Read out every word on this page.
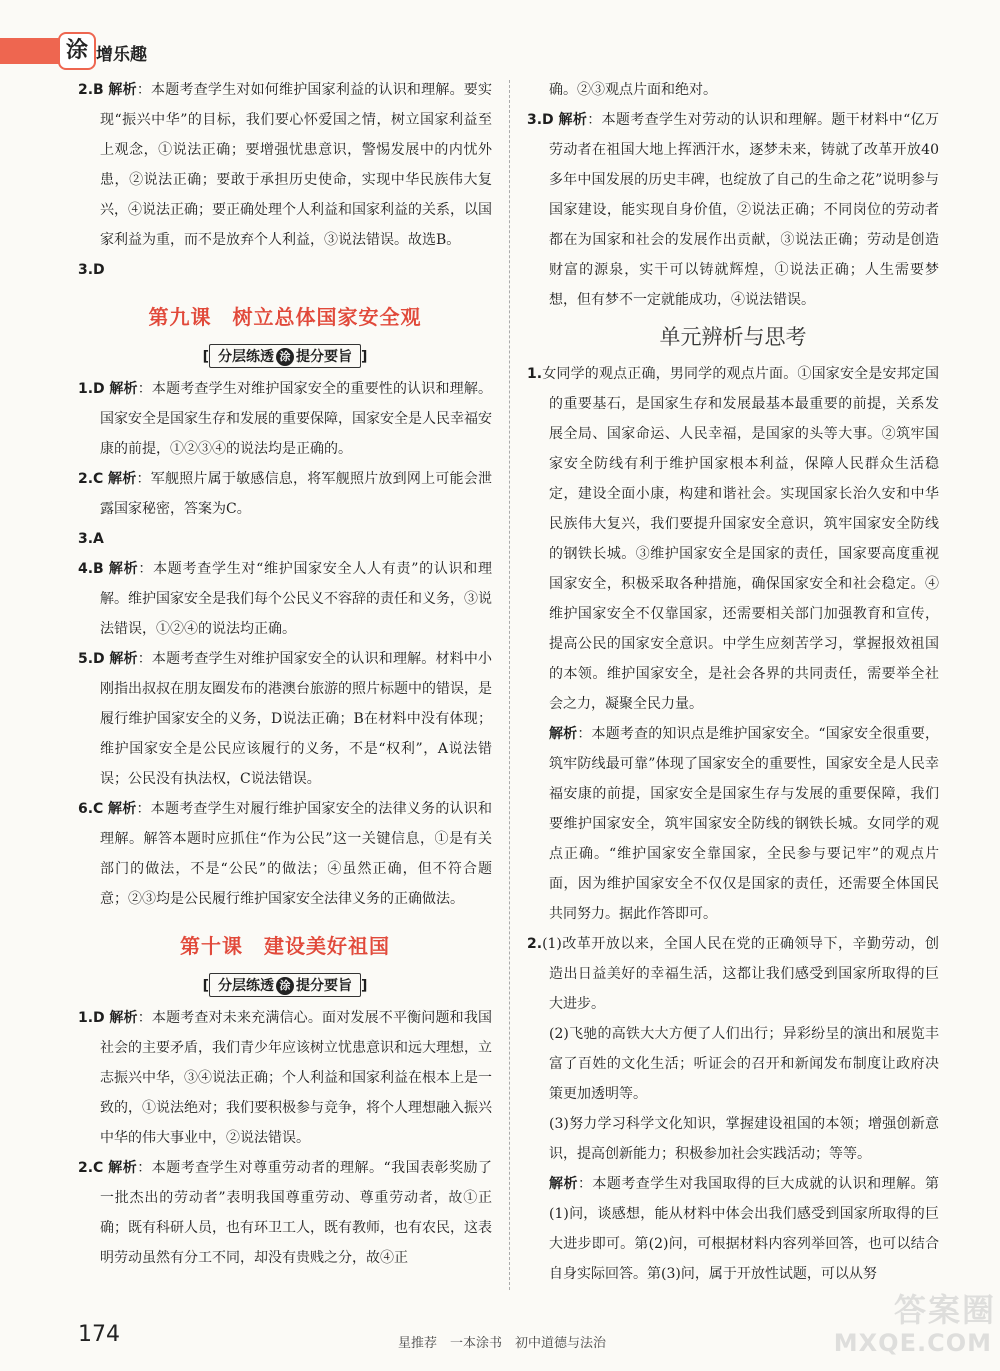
涂 增乐趣

2.B 解析：本题考查学生对如何维护国家利益的认识和理解。要实现“振兴中华”的目标，我们要心怀爱国之情，树立国家利益至上观念，①说法正确；要增强忧患意识，警惕发展中的内忧外患，②说法正确；要敢于承担历史使命，实现中华民族伟大复兴，④说法正确；要正确处理个人利益和国家利益的关系，以国家利益为重，而不是放弃个人利益，③说法错误。故选B。

3.D

第九课　树立总体国家安全观
[ 分层练透 涂 提分要旨 ]

1.D 解析：本题考查学生对维护国家安全的重要性的认识和理解。国家安全是国家生存和发展的重要保障，国家安全是人民幸福安康的前提，①②③④的说法均是正确的。

2.C 解析：军舰照片属于敏感信息，将军舰照片放到网上可能会泄露国家秘密，答案为C。

3.A

4.B 解析：本题考查学生对“维护国家安全人人有责”的认识和理解。维护国家安全是我们每个公民义不容辞的责任和义务，③说法错误，①②④的说法均正确。

5.D 解析：本题考查学生对维护国家安全的认识和理解。材料中小刚指出叔叔在朋友圈发布的港澳台旅游的照片标题中的错误，是履行维护国家安全的义务，D说法正确；B在材料中没有体现；维护国家安全是公民应该履行的义务，不是“权利”，A说法错误；公民没有执法权，C说法错误。

6.C 解析：本题考查学生对履行维护国家安全的法律义务的认识和理解。解答本题时应抓住“作为公民”这一关键信息，①是有关部门的做法，不是“公民”的做法；④虽然正确，但不符合题意；②③均是公民履行维护国家安全法律义务的正确做法。

第十课　建设美好祖国
[ 分层练透 涂 提分要旨 ]

1.D 解析：本题考查对未来充满信心。面对发展不平衡问题和我国社会的主要矛盾，我们青少年应该树立忧患意识和远大理想，立志振兴中华，③④说法正确；个人利益和国家利益在根本上是一致的，①说法绝对；我们要积极参与竞争，将个人理想融入振兴中华的伟大事业中，②说法错误。

2.C 解析：本题考查学生对尊重劳动者的理解。“我国表彰奖励了一批杰出的劳动者”表明我国尊重劳动、尊重劳动者，故①正确；既有科研人员，也有环卫工人，既有教师，也有农民，这表明劳动虽然有分工不同，却没有贵贱之分，故④正

确。②③观点片面和绝对。

3.D 解析：本题考查学生对劳动的认识和理解。题干材料中“亿万劳动者在祖国大地上挥洒汗水，逐梦未来，铸就了改革开放40多年中国发展的历史丰碑，也绽放了自己的生命之花”说明参与国家建设，能实现自身价值，②说法正确；不同岗位的劳动者都在为国家和社会的发展作出贡献，③说法正确；劳动是创造财富的源泉，实干可以铸就辉煌，①说法正确；人生需要梦想，但有梦不一定就能成功，④说法错误。

单元辨析与思考

1.女同学的观点正确，男同学的观点片面。①国家安全是安邦定国的重要基石，是国家生存和发展最基本最重要的前提，关系发展全局、国家命运、人民幸福，是国家的头等大事。②筑牢国家安全防线有利于维护国家根本利益，保障人民群众生活稳定，建设全面小康，构建和谐社会。实现国家长治久安和中华民族伟大复兴，我们要提升国家安全意识，筑牢国家安全防线的钢铁长城。③维护国家安全是国家的责任，国家要高度重视国家安全，积极采取各种措施，确保国家安全和社会稳定。④维护国家安全不仅靠国家，还需要相关部门加强教育和宣传，提高公民的国家安全意识。中学生应刻苦学习，掌握报效祖国的本领。维护国家安全，是社会各界的共同责任，需要举全社会之力，凝聚全民力量。

解析：本题考查的知识点是维护国家安全。“国家安全很重要，筑牢防线最可靠”体现了国家安全的重要性，国家安全是人民幸福安康的前提，国家安全是国家生存与发展的重要保障，我们要维护国家安全，筑牢国家安全防线的钢铁长城。女同学的观点正确。“维护国家安全靠国家，全民参与要记牢”的观点片面，因为维护国家安全不仅仅是国家的责任，还需要全体国民共同努力。据此作答即可。

2.(1)改革开放以来，全国人民在党的正确领导下，辛勤劳动，创造出日益美好的幸福生活，这都让我们感受到国家所取得的巨大进步。

(2)飞驰的高铁大大方便了人们出行；异彩纷呈的演出和展览丰富了百姓的文化生活；听证会的召开和新闻发布制度让政府决策更加透明等。

(3)努力学习科学文化知识，掌握建设祖国的本领；增强创新意识，提高创新能力；积极参加社会实践活动；等等。

解析：本题考查学生对我国取得的巨大成就的认识和理解。第(1)问，谈感想，能从材料中体会出我们感受到国家所取得的巨大进步即可。第(2)问，可根据材料内容列举回答，也可以结合自身实际回答。第(3)问，属于开放性试题，可以从努

174	星推荐　一本涂书　初中道德与法治
答案圈
MXQE.COM
